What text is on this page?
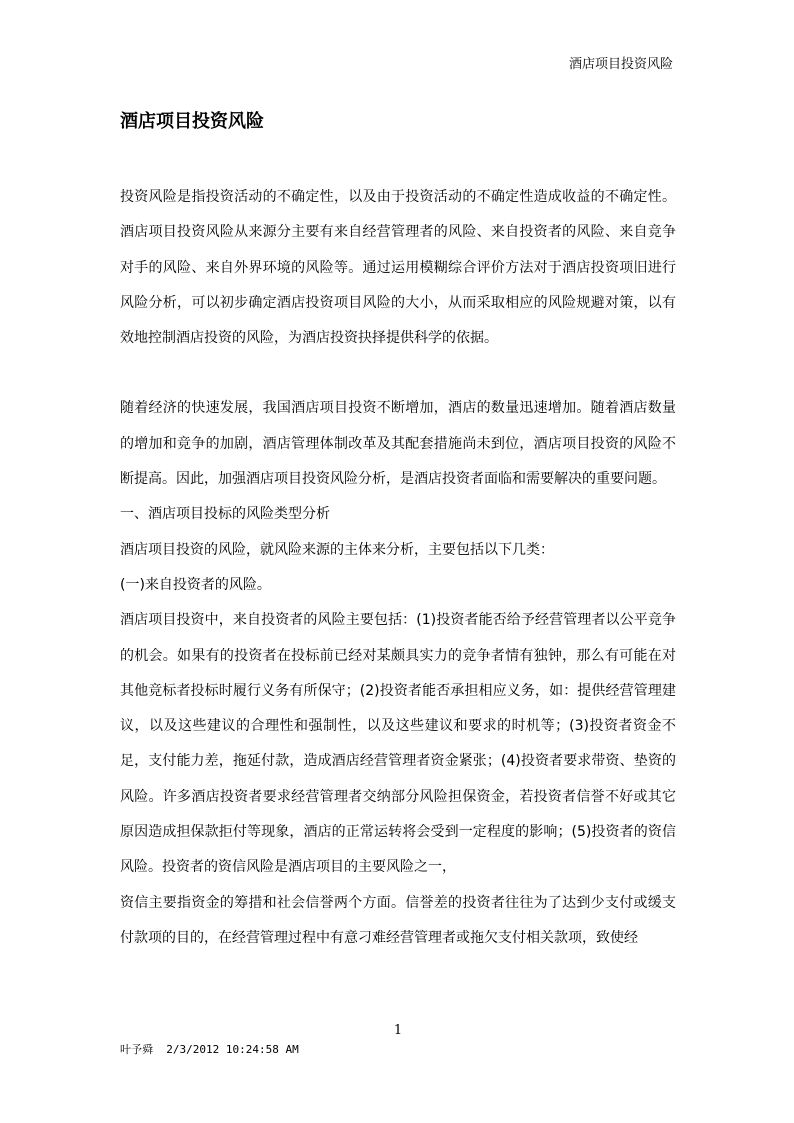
酒店项目投资风险
酒店项目投资风险

投资风险是指投资活动的不确定性，以及由于投资活动的不确定性造成收益的不确定性。酒店项目投资风险从来源分主要有来自经营管理者的风险、来自投资者的风险、来自竞争对手的风险、来自外界环境的风险等。通过运用模糊综合评价方法对于酒店投资项旧进行风险分析，可以初步确定酒店投资项目风险的大小，从而采取相应的风险规避对策，以有效地控制酒店投资的风险，为酒店投资抉择提供科学的依据。

随着经济的快速发展，我国酒店项目投资不断增加，酒店的数量迅速增加。随着酒店数量的增加和竞争的加剧，酒店管理体制改革及其配套措施尚未到位，酒店项目投资的风险不断提高。因此，加强酒店项目投资风险分析，是酒店投资者面临和需要解决的重要问题。

一、酒店项目投标的风险类型分析

酒店项目投资的风险，就风险来源的主体来分析，主要包括以下几类：

(一)来自投资者的风险。

酒店项目投资中，来自投资者的风险主要包括：(1)投资者能否给予经营管理者以公平竞争的机会。如果有的投资者在投标前已经对某颇具实力的竞争者情有独钟，那么有可能在对其他竞标者投标时履行义务有所保守；(2)投资者能否承担相应义务，如：提供经营管理建议，以及这些建议的合理性和强制性，以及这些建议和要求的时机等；(3)投资者资金不足，支付能力差，拖延付款，造成酒店经营管理者资金紧张；(4)投资者要求带资、垫资的风险。许多酒店投资者要求经营管理者交纳部分风险担保资金，若投资者信誉不好或其它原因造成担保款拒付等现象，酒店的正常运转将会受到一定程度的影响；(5)投资者的资信风险。投资者的资信风险是酒店项目的主要风险之一，

资信主要指资金的筹措和社会信誉两个方面。信誉差的投资者往往为了达到少支付或缓支付款项的目的，在经营管理过程中有意刁难经营管理者或拖欠支付相关款项，致使经

1
叶予舜  2/3/2012 10:24:58 AM
